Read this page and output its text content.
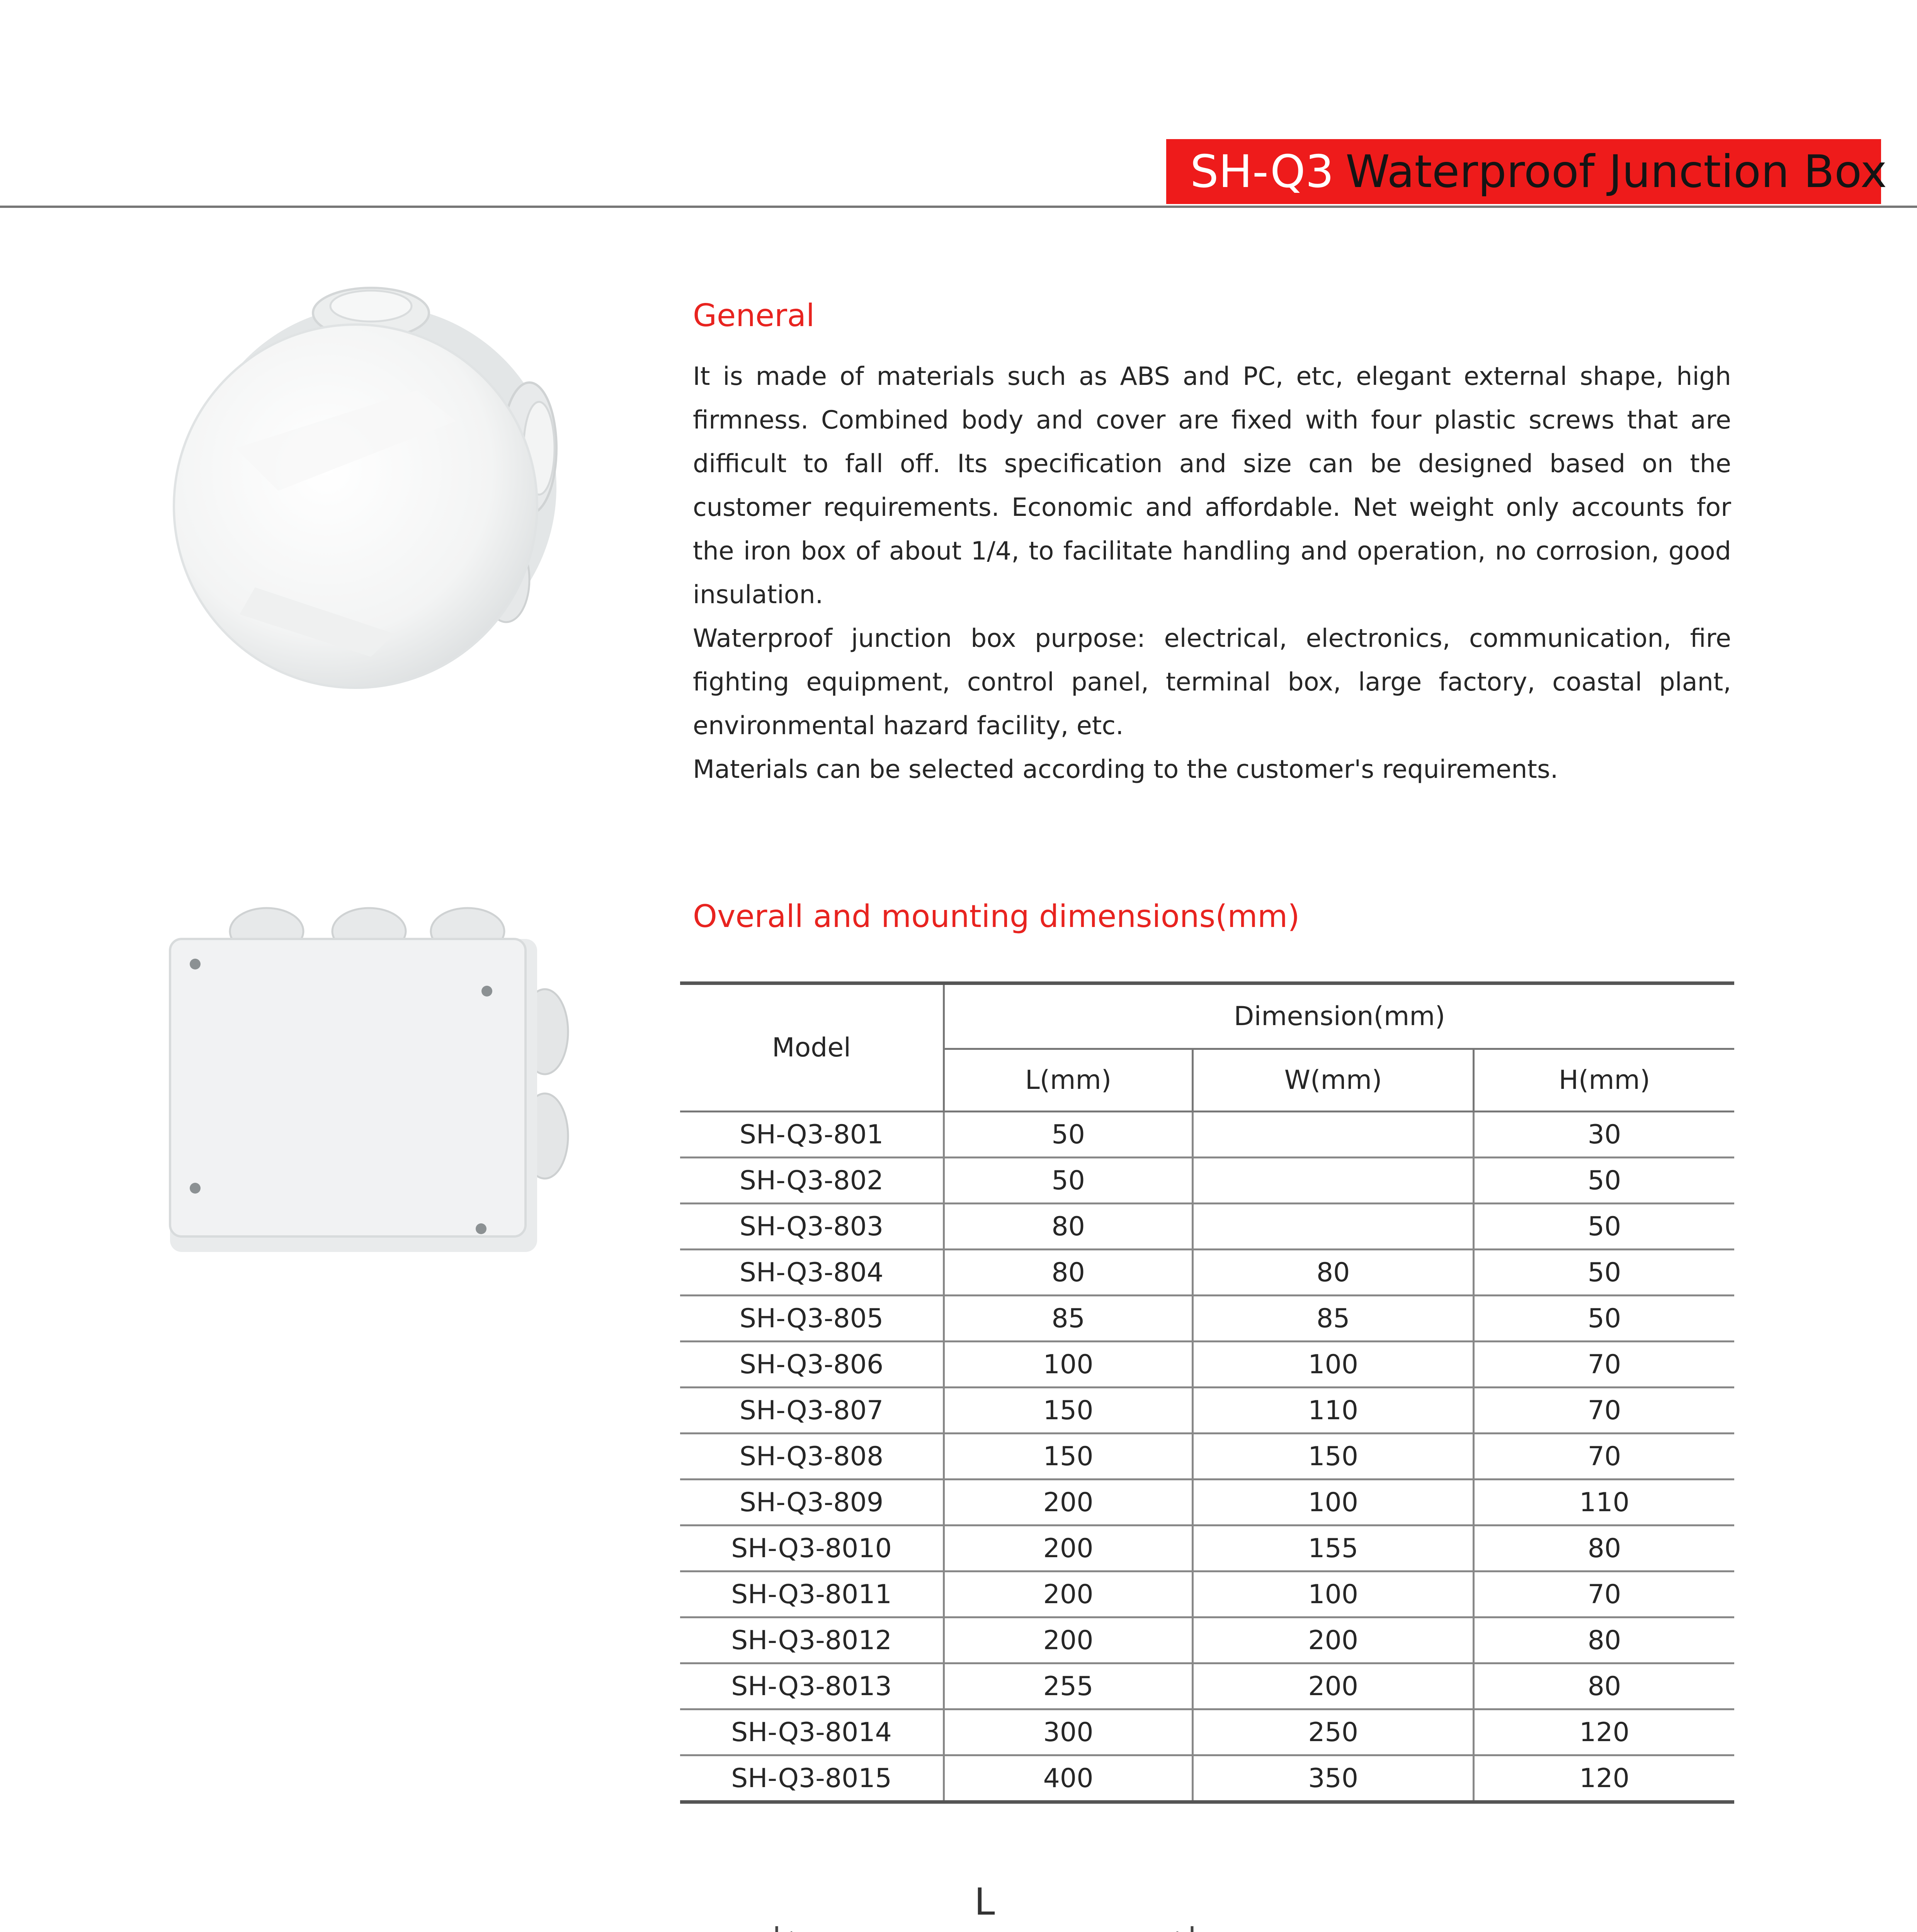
SH-Q3 Waterproof Junction Box
General

It is made of materials such as ABS and PC, etc, elegant external shape, high firmness. Combined body and cover are fixed with four plastic screws that are difficult to fall off. Its specification and size can be designed based on the customer requirements. Economic and affordable. Net weight only accounts for the iron box of about 1/4, to facilitate handling and operation, no corrosion, good insulation.

Waterproof junction box purpose: electrical, electronics, communication, fire fighting equipment, control panel, terminal box, large factory, coastal plant, environmental hazard facility, etc.

Materials can be selected according to the customer's requirements.

Overall and mounting dimensions(mm)
Model	Dimension(mm)		
	L(mm)	W(mm)	H(mm)
SH-Q3-801	50		30
SH-Q3-802	50		50
SH-Q3-803	80		50
SH-Q3-804	80	80	50
SH-Q3-805	85	85	50
SH-Q3-806	100	100	70
SH-Q3-807	150	110	70
SH-Q3-808	150	150	70
SH-Q3-809	200	100	110
SH-Q3-8010	200	155	80
SH-Q3-8011	200	100	70
SH-Q3-8012	200	200	80
SH-Q3-8013	255	200	80
SH-Q3-8014	300	250	120
SH-Q3-8015	400	350	120
L
